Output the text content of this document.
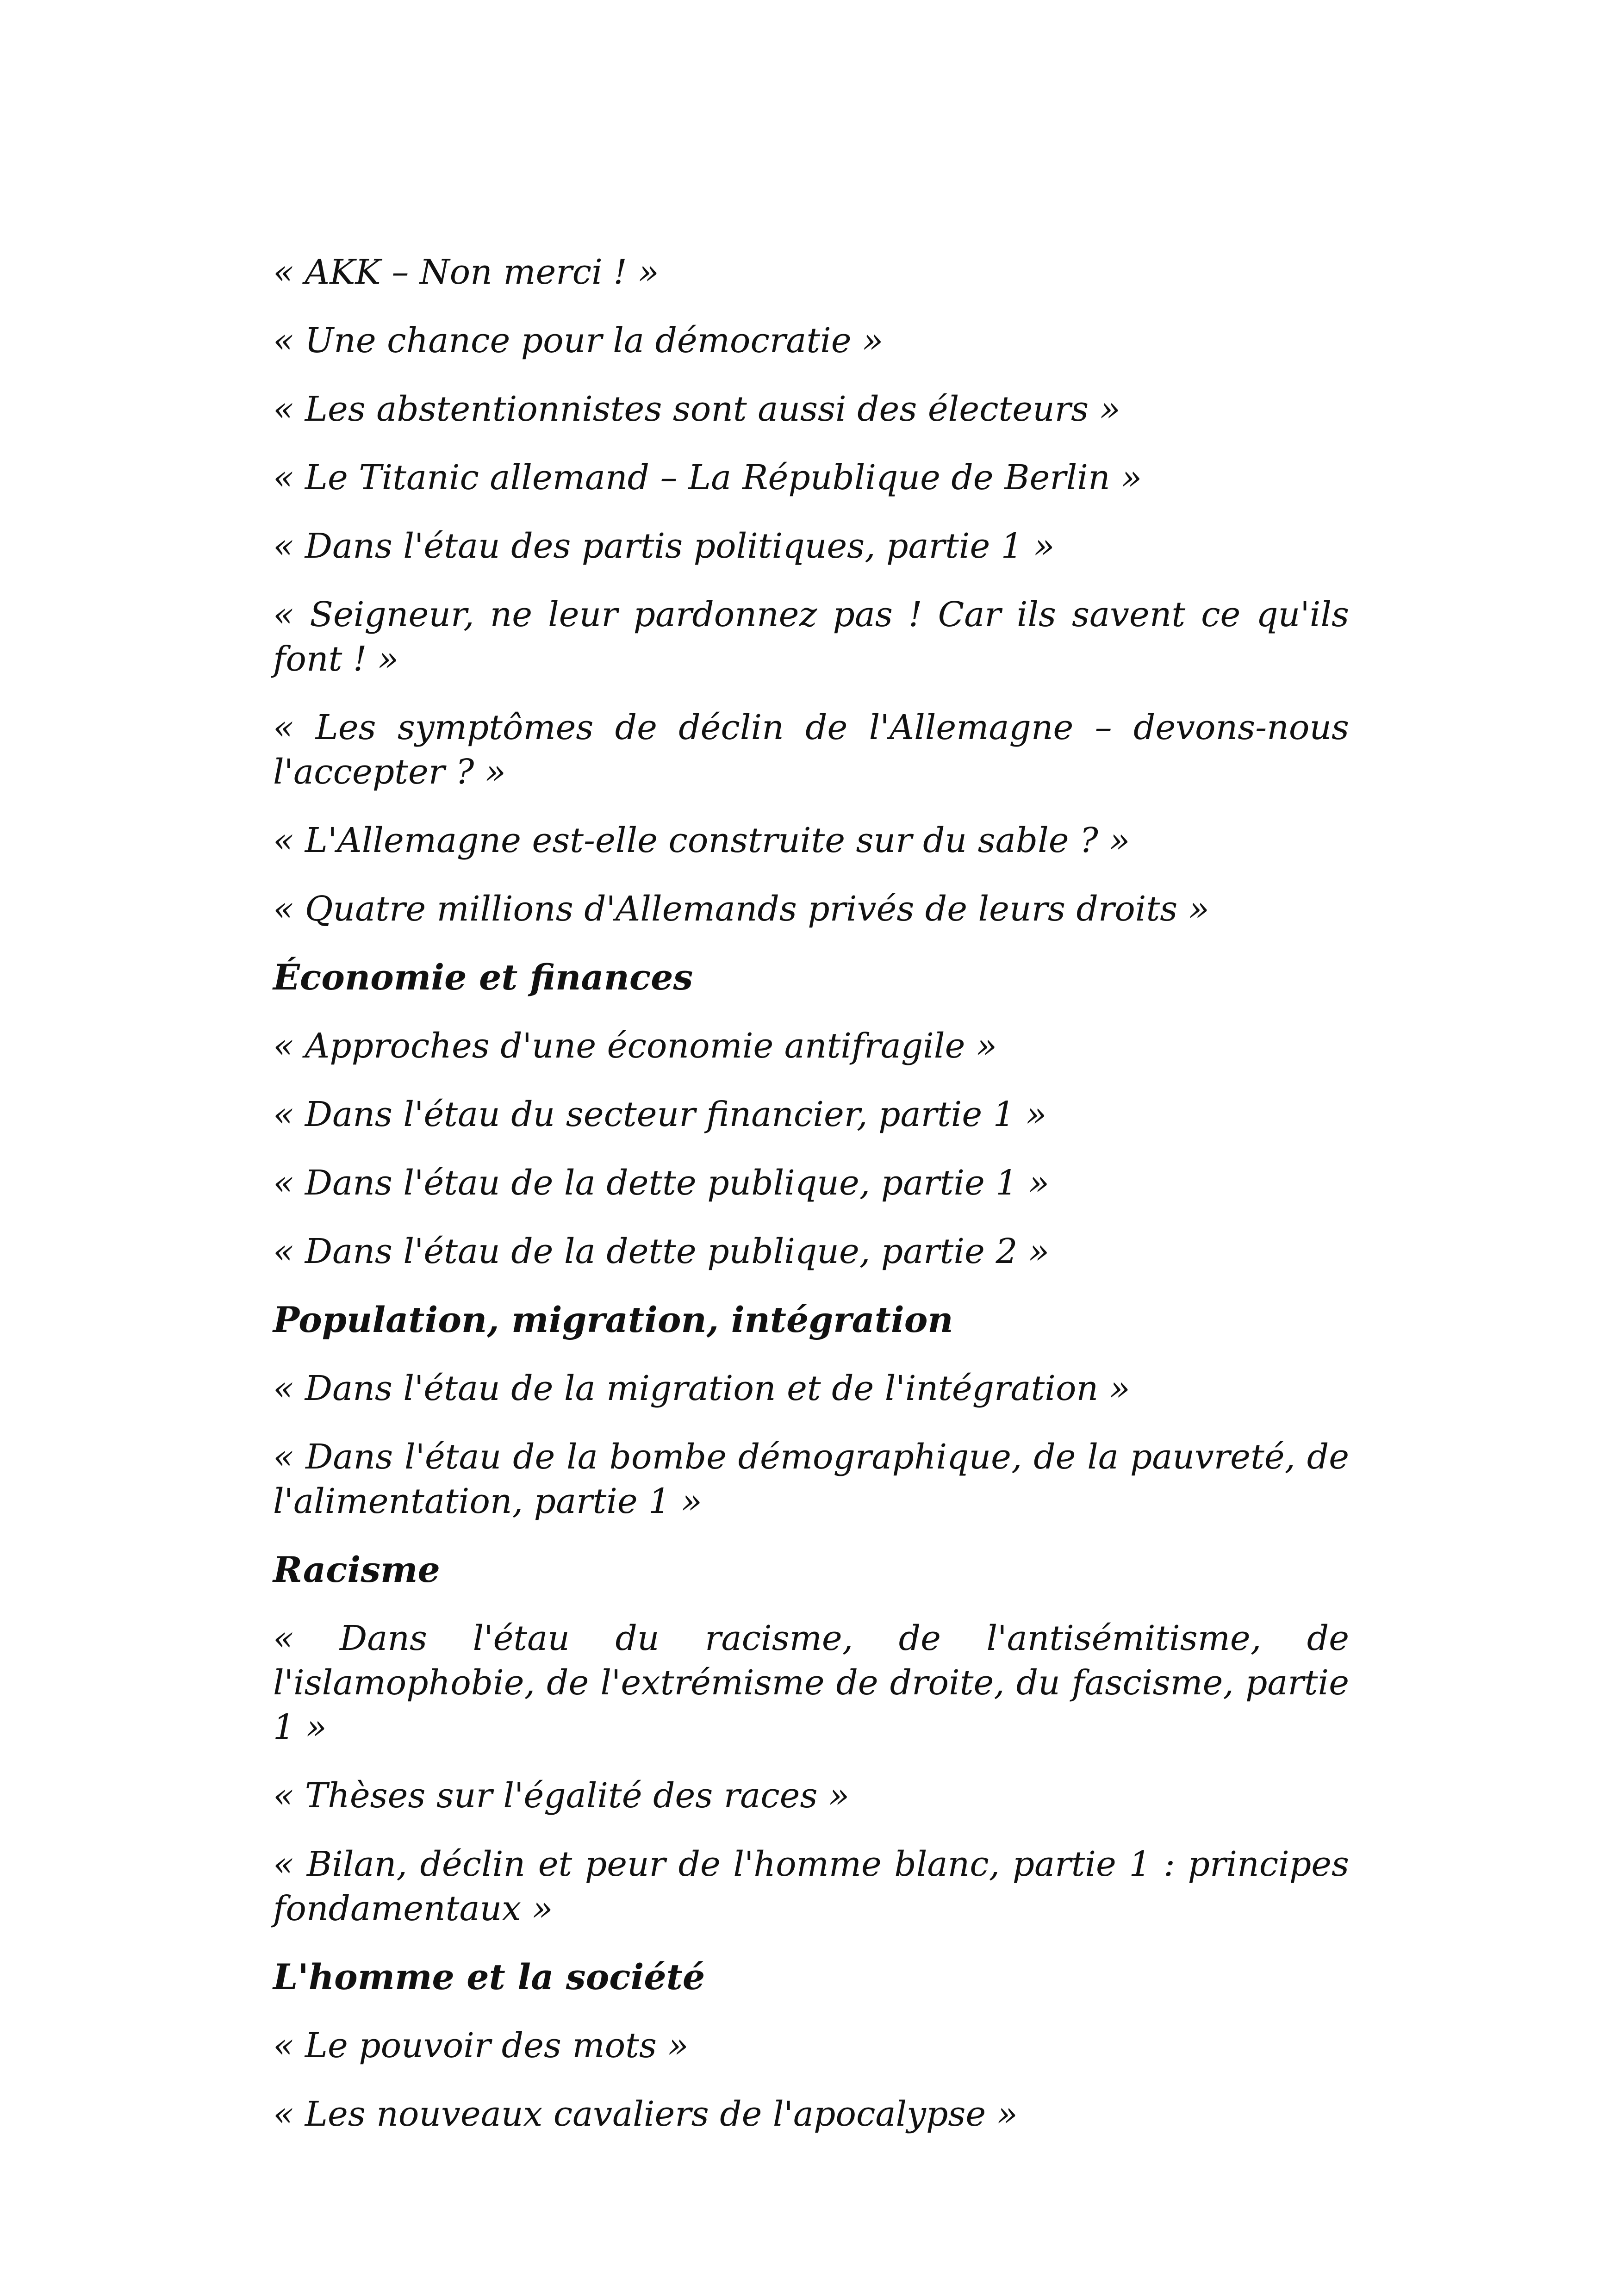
« AKK – Non merci ! »

« Une chance pour la démocratie »

« Les abstentionnistes sont aussi des électeurs »

« Le Titanic allemand – La République de Berlin »

« Dans l'étau des partis politiques, partie 1 »

« Seigneur, ne leur pardonnez pas ! Car ils savent ce qu'ils font ! »

« Les symptômes de déclin de l'Allemagne – devons-nous l'accepter ? »

« L'Allemagne est-elle construite sur du sable ? »

« Quatre millions d'Allemands privés de leurs droits »

Économie et finances

« Approches d'une économie antifragile »

« Dans l'étau du secteur financier, partie 1 »

« Dans l'étau de la dette publique, partie 1 »

« Dans l'étau de la dette publique, partie 2 »

Population, migration, intégration

« Dans l'étau de la migration et de l'intégration »

« Dans l'étau de la bombe démographique, de la pauvreté, de l'alimentation, partie 1 »

Racisme

« Dans l'étau du racisme, de l'antisémitisme, de l'islamophobie, de l'extrémisme de droite, du fascisme, partie 1 »

« Thèses sur l'égalité des races »

« Bilan, déclin et peur de l'homme blanc, partie 1 : principes fondamentaux »

L'homme et la société

« Le pouvoir des mots »

« Les nouveaux cavaliers de l'apocalypse »
